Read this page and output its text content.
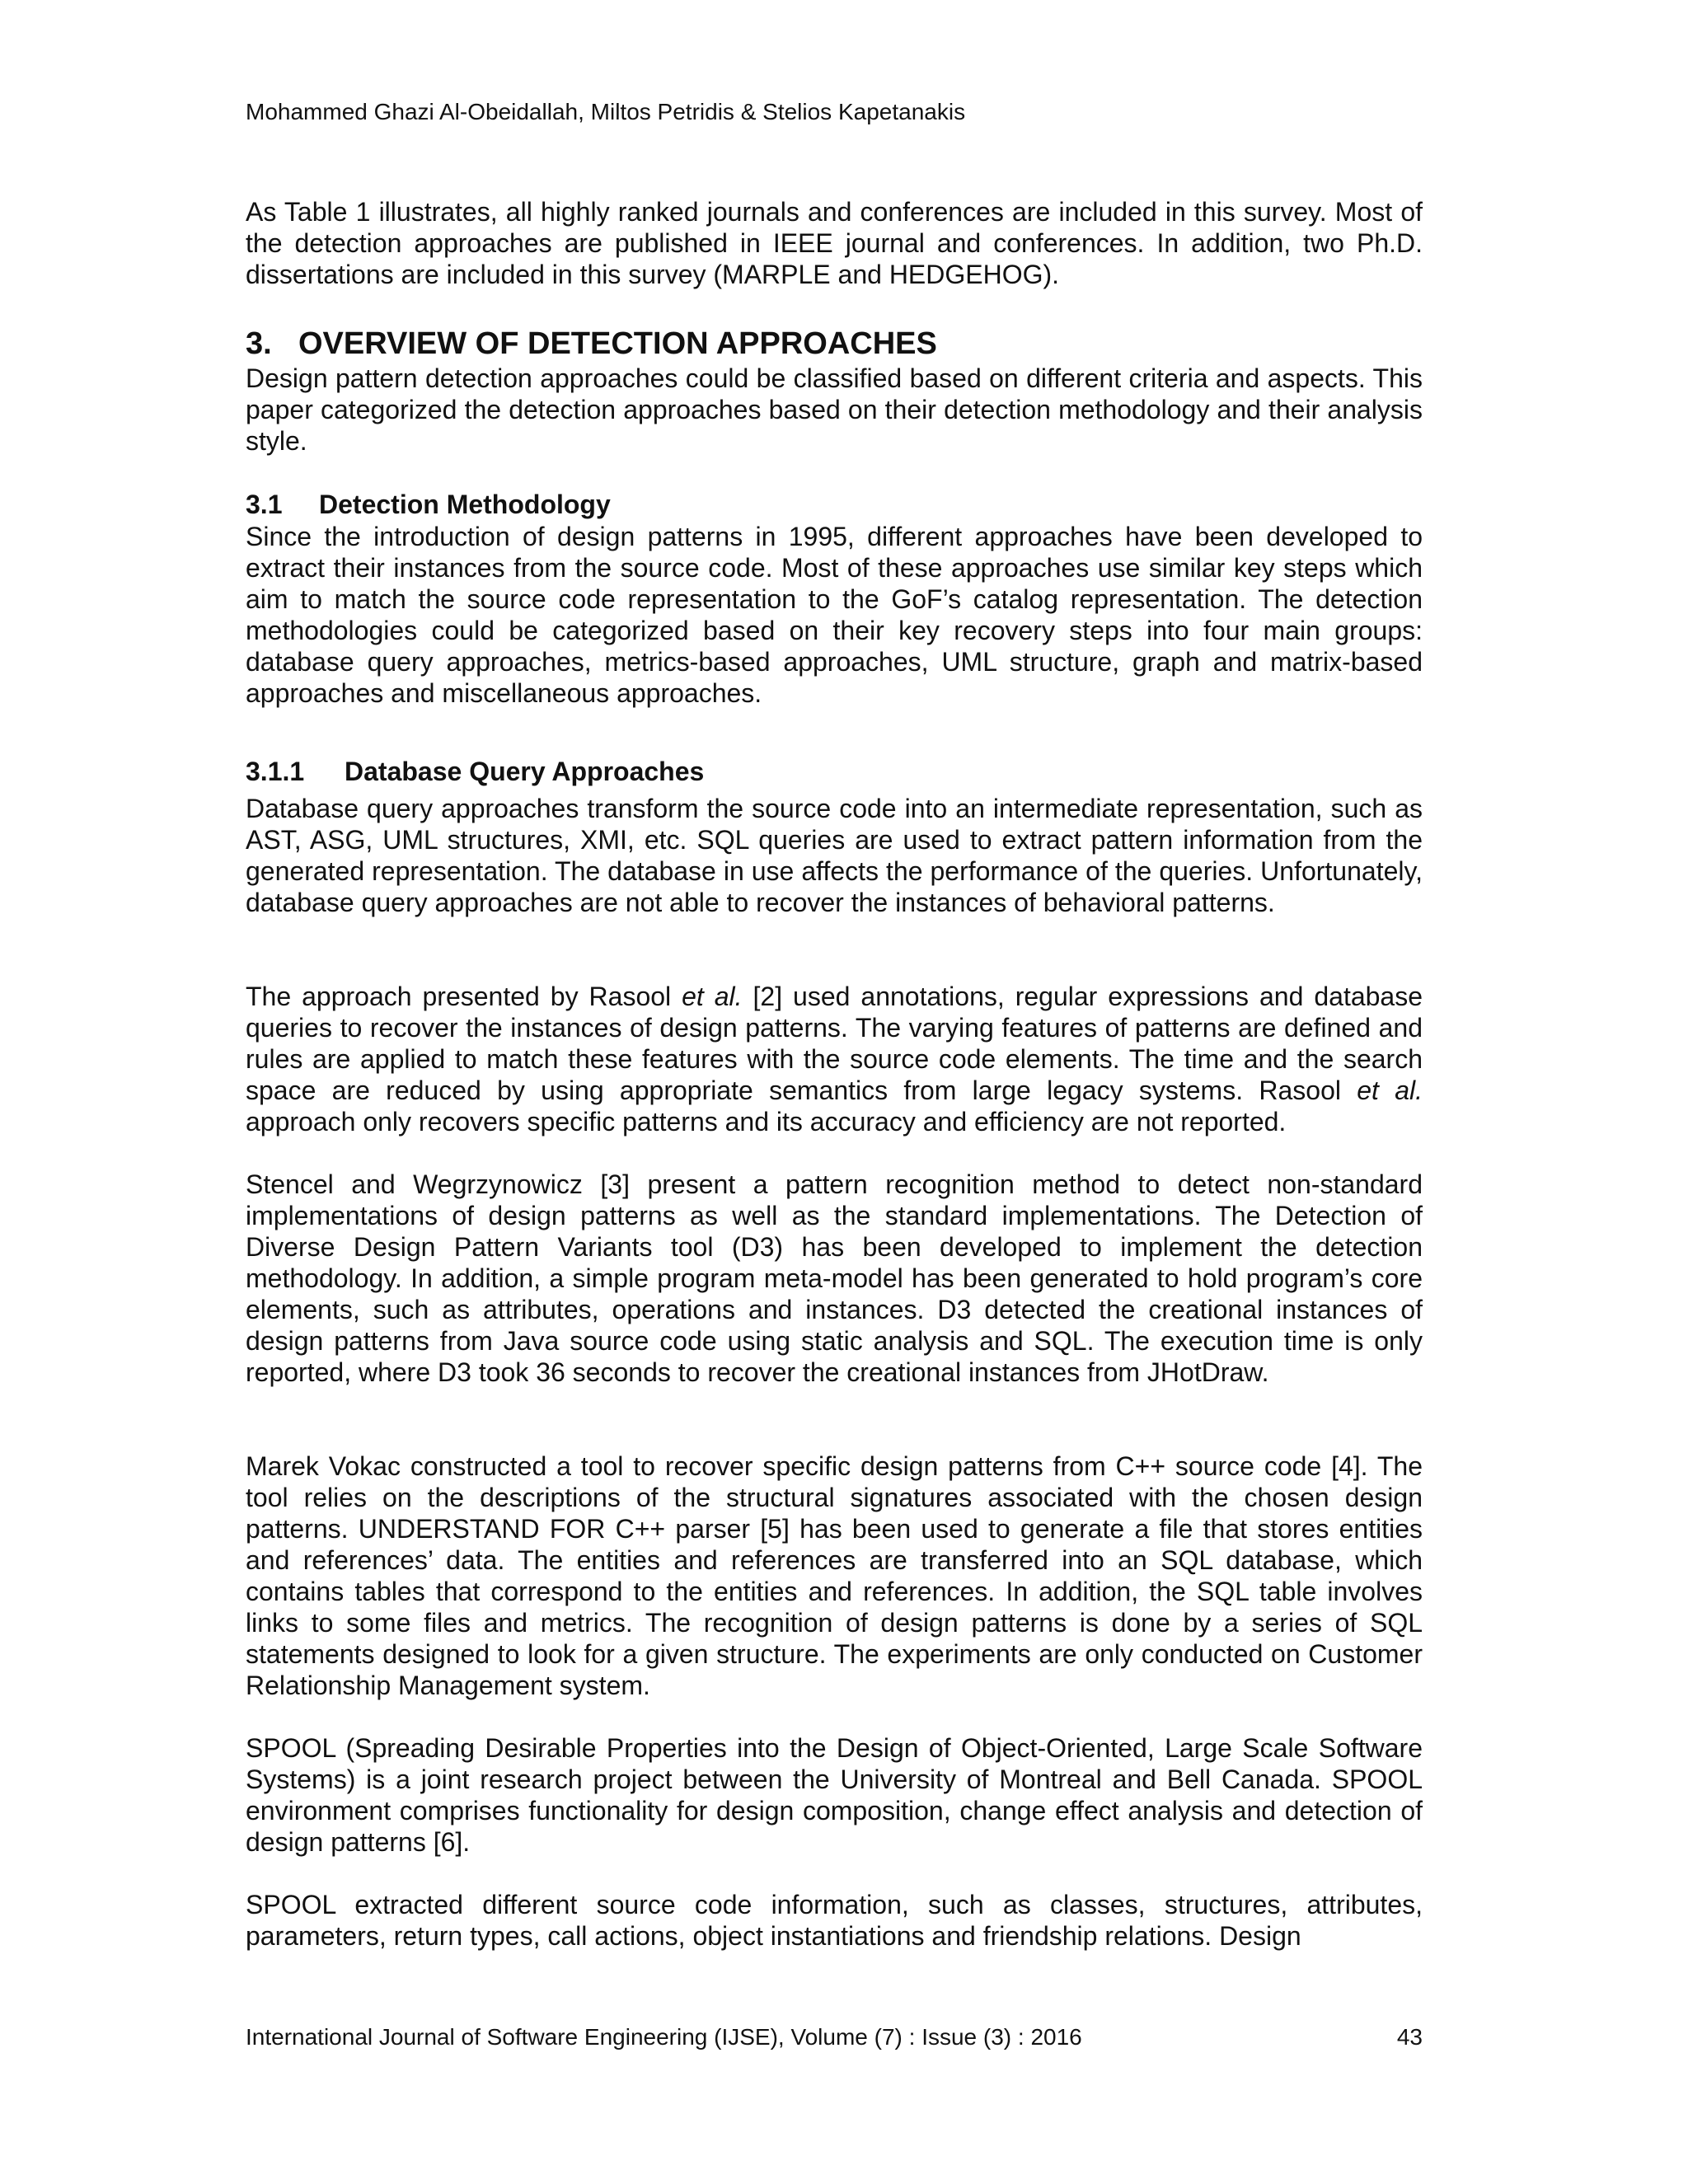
Mohammed Ghazi Al-Obeidallah, Miltos Petridis & Stelios Kapetanakis

As Table 1 illustrates, all highly ranked journals and conferences are included in this survey. Most of the detection approaches are published in IEEE journal and conferences. In addition, two Ph.D. dissertations are included in this survey (MARPLE and HEDGEHOG).

3. OVERVIEW OF DETECTION APPROACHES

Design pattern detection approaches could be classified based on different criteria and aspects. This paper categorized the detection approaches based on their detection methodology and their analysis style.

3.1 Detection Methodology

Since the introduction of design patterns in 1995, different approaches have been developed to extract their instances from the source code. Most of these approaches use similar key steps which aim to match the source code representation to the GoF’s catalog representation. The detection methodologies could be categorized based on their key recovery steps into four main groups: database query approaches, metrics-based approaches, UML structure, graph and matrix-based approaches and miscellaneous approaches.

3.1.1 Database Query Approaches

Database query approaches transform the source code into an intermediate representation, such as AST, ASG, UML structures, XMI, etc. SQL queries are used to extract pattern information from the generated representation. The database in use affects the performance of the queries. Unfortunately, database query approaches are not able to recover the instances of behavioral patterns.

The approach presented by Rasool et al. [2] used annotations, regular expressions and database queries to recover the instances of design patterns. The varying features of patterns are defined and rules are applied to match these features with the source code elements. The time and the search space are reduced by using appropriate semantics from large legacy systems. Rasool et al. approach only recovers specific patterns and its accuracy and efficiency are not reported.

Stencel and Wegrzynowicz [3] present a pattern recognition method to detect non-standard implementations of design patterns as well as the standard implementations. The Detection of Diverse Design Pattern Variants tool (D3) has been developed to implement the detection methodology. In addition, a simple program meta-model has been generated to hold program’s core elements, such as attributes, operations and instances. D3 detected the creational instances of design patterns from Java source code using static analysis and SQL. The execution time is only reported, where D3 took 36 seconds to recover the creational instances from JHotDraw.

Marek Vokac constructed a tool to recover specific design patterns from C++ source code [4]. The tool relies on the descriptions of the structural signatures associated with the chosen design patterns. UNDERSTAND FOR C++ parser [5] has been used to generate a file that stores entities and references’ data. The entities and references are transferred into an SQL database, which contains tables that correspond to the entities and references. In addition, the SQL table involves links to some files and metrics. The recognition of design patterns is done by a series of SQL statements designed to look for a given structure. The experiments are only conducted on Customer Relationship Management system.

SPOOL (Spreading Desirable Properties into the Design of Object-Oriented, Large Scale Software Systems) is a joint research project between the University of Montreal and Bell Canada. SPOOL environment comprises functionality for design composition, change effect analysis and detection of design patterns [6].

SPOOL extracted different source code information, such as classes, structures, attributes, parameters, return types, call actions, object instantiations and friendship relations. Design

International Journal of Software Engineering (IJSE), Volume (7) : Issue (3) : 2016	43
